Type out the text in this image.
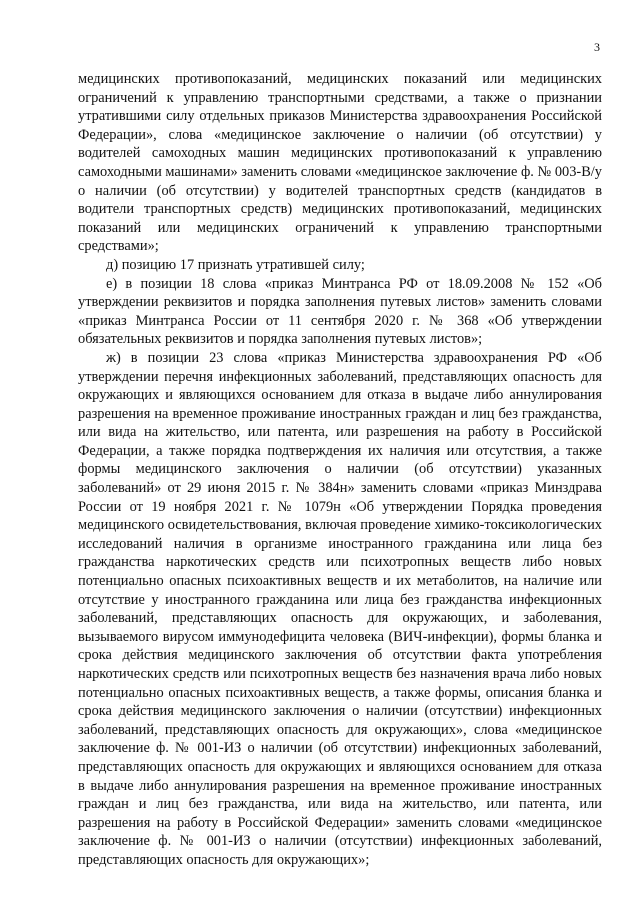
3

медицинских противопоказаний, медицинских показаний или медицинских ограничений к управлению транспортными средствами, а также о признании утратившими силу отдельных приказов Министерства здравоохранения Российской Федерации», слова «медицинское заключение о наличии (об отсутствии) у водителей самоходных машин медицинских противопоказаний к управлению самоходными машинами» заменить словами «медицинское заключение ф. № 003-В/у о наличии (об отсутствии) у водителей транспортных средств (кандидатов в водители транспортных средств) медицинских противопоказаний, медицинских показаний или медицинских ограничений к управлению транспортными средствами»;

д) позицию 17 признать утратившей силу;

е) в позиции 18 слова «приказ Минтранса РФ от 18.09.2008 № 152 «Об утверждении реквизитов и порядка заполнения путевых листов» заменить словами «приказ Минтранса России от 11 сентября 2020 г. № 368 «Об утверждении обязательных реквизитов и порядка заполнения путевых листов»;

ж) в позиции 23 слова «приказ Министерства здравоохранения РФ «Об утверждении перечня инфекционных заболеваний, представляющих опасность для окружающих и являющихся основанием для отказа в выдаче либо аннулирования разрешения на временное проживание иностранных граждан и лиц без гражданства, или вида на жительство, или патента, или разрешения на работу в Российской Федерации, а также порядка подтверждения их наличия или отсутствия, а также формы медицинского заключения о наличии (об отсутствии) указанных заболеваний» от 29 июня 2015 г. № 384н» заменить словами «приказ Минздрава России от 19 ноября 2021 г. № 1079н «Об утверждении Порядка проведения медицинского освидетельствования, включая проведение химико-токсикологических исследований наличия в организме иностранного гражданина или лица без гражданства наркотических средств или психотропных веществ либо новых потенциально опасных психоактивных веществ и их метаболитов, на наличие или отсутствие у иностранного гражданина или лица без гражданства инфекционных заболеваний, представляющих опасность для окружающих, и заболевания, вызываемого вирусом иммунодефицита человека (ВИЧ-инфекции), формы бланка и срока действия медицинского заключения об отсутствии факта употребления наркотических средств или психотропных веществ без назначения врача либо новых потенциально опасных психоактивных веществ, а также формы, описания бланка и срока действия медицинского заключения о наличии (отсутствии) инфекционных заболеваний, представляющих опасность для окружающих», слова «медицинское заключение ф. № 001-ИЗ о наличии (об отсутствии) инфекционных заболеваний, представляющих опасность для окружающих и являющихся основанием для отказа в выдаче либо аннулирования разрешения на временное проживание иностранных граждан и лиц без гражданства, или вида на жительство, или патента, или разрешения на работу в Российской Федерации» заменить словами «медицинское заключение ф. № 001-ИЗ о наличии (отсутствии) инфекционных заболеваний, представляющих опасность для окружающих»;
